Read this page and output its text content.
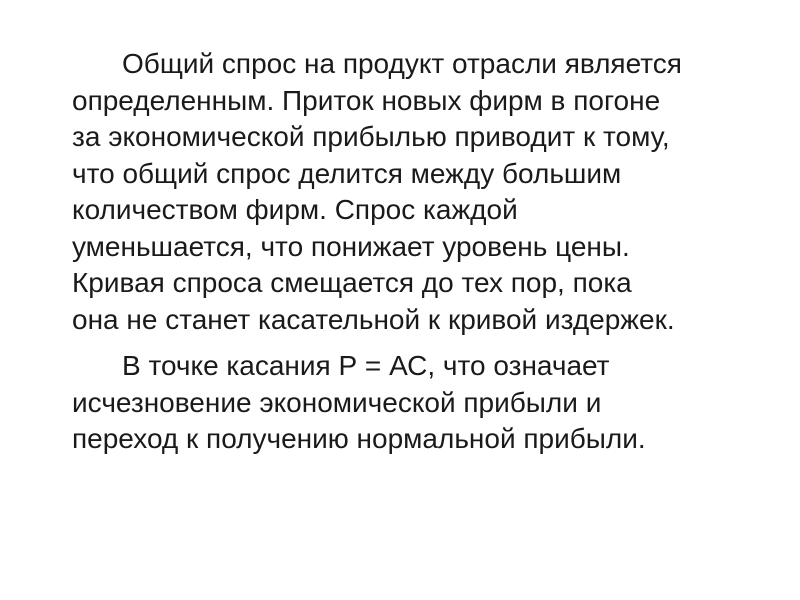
Общий спрос на продукт отрасли является
определенным. Приток новых фирм в погоне
за экономической прибылью приводит к тому,
что общий спрос делится между большим
количеством фирм. Спрос каждой
уменьшается, что понижает уровень цены.
Кривая спроса смещается до тех пор, пока
она не станет касательной к кривой издержек.

В точке касания Р = АС, что означает
исчезновение экономической прибыли и
переход к получению нормальной прибыли.
